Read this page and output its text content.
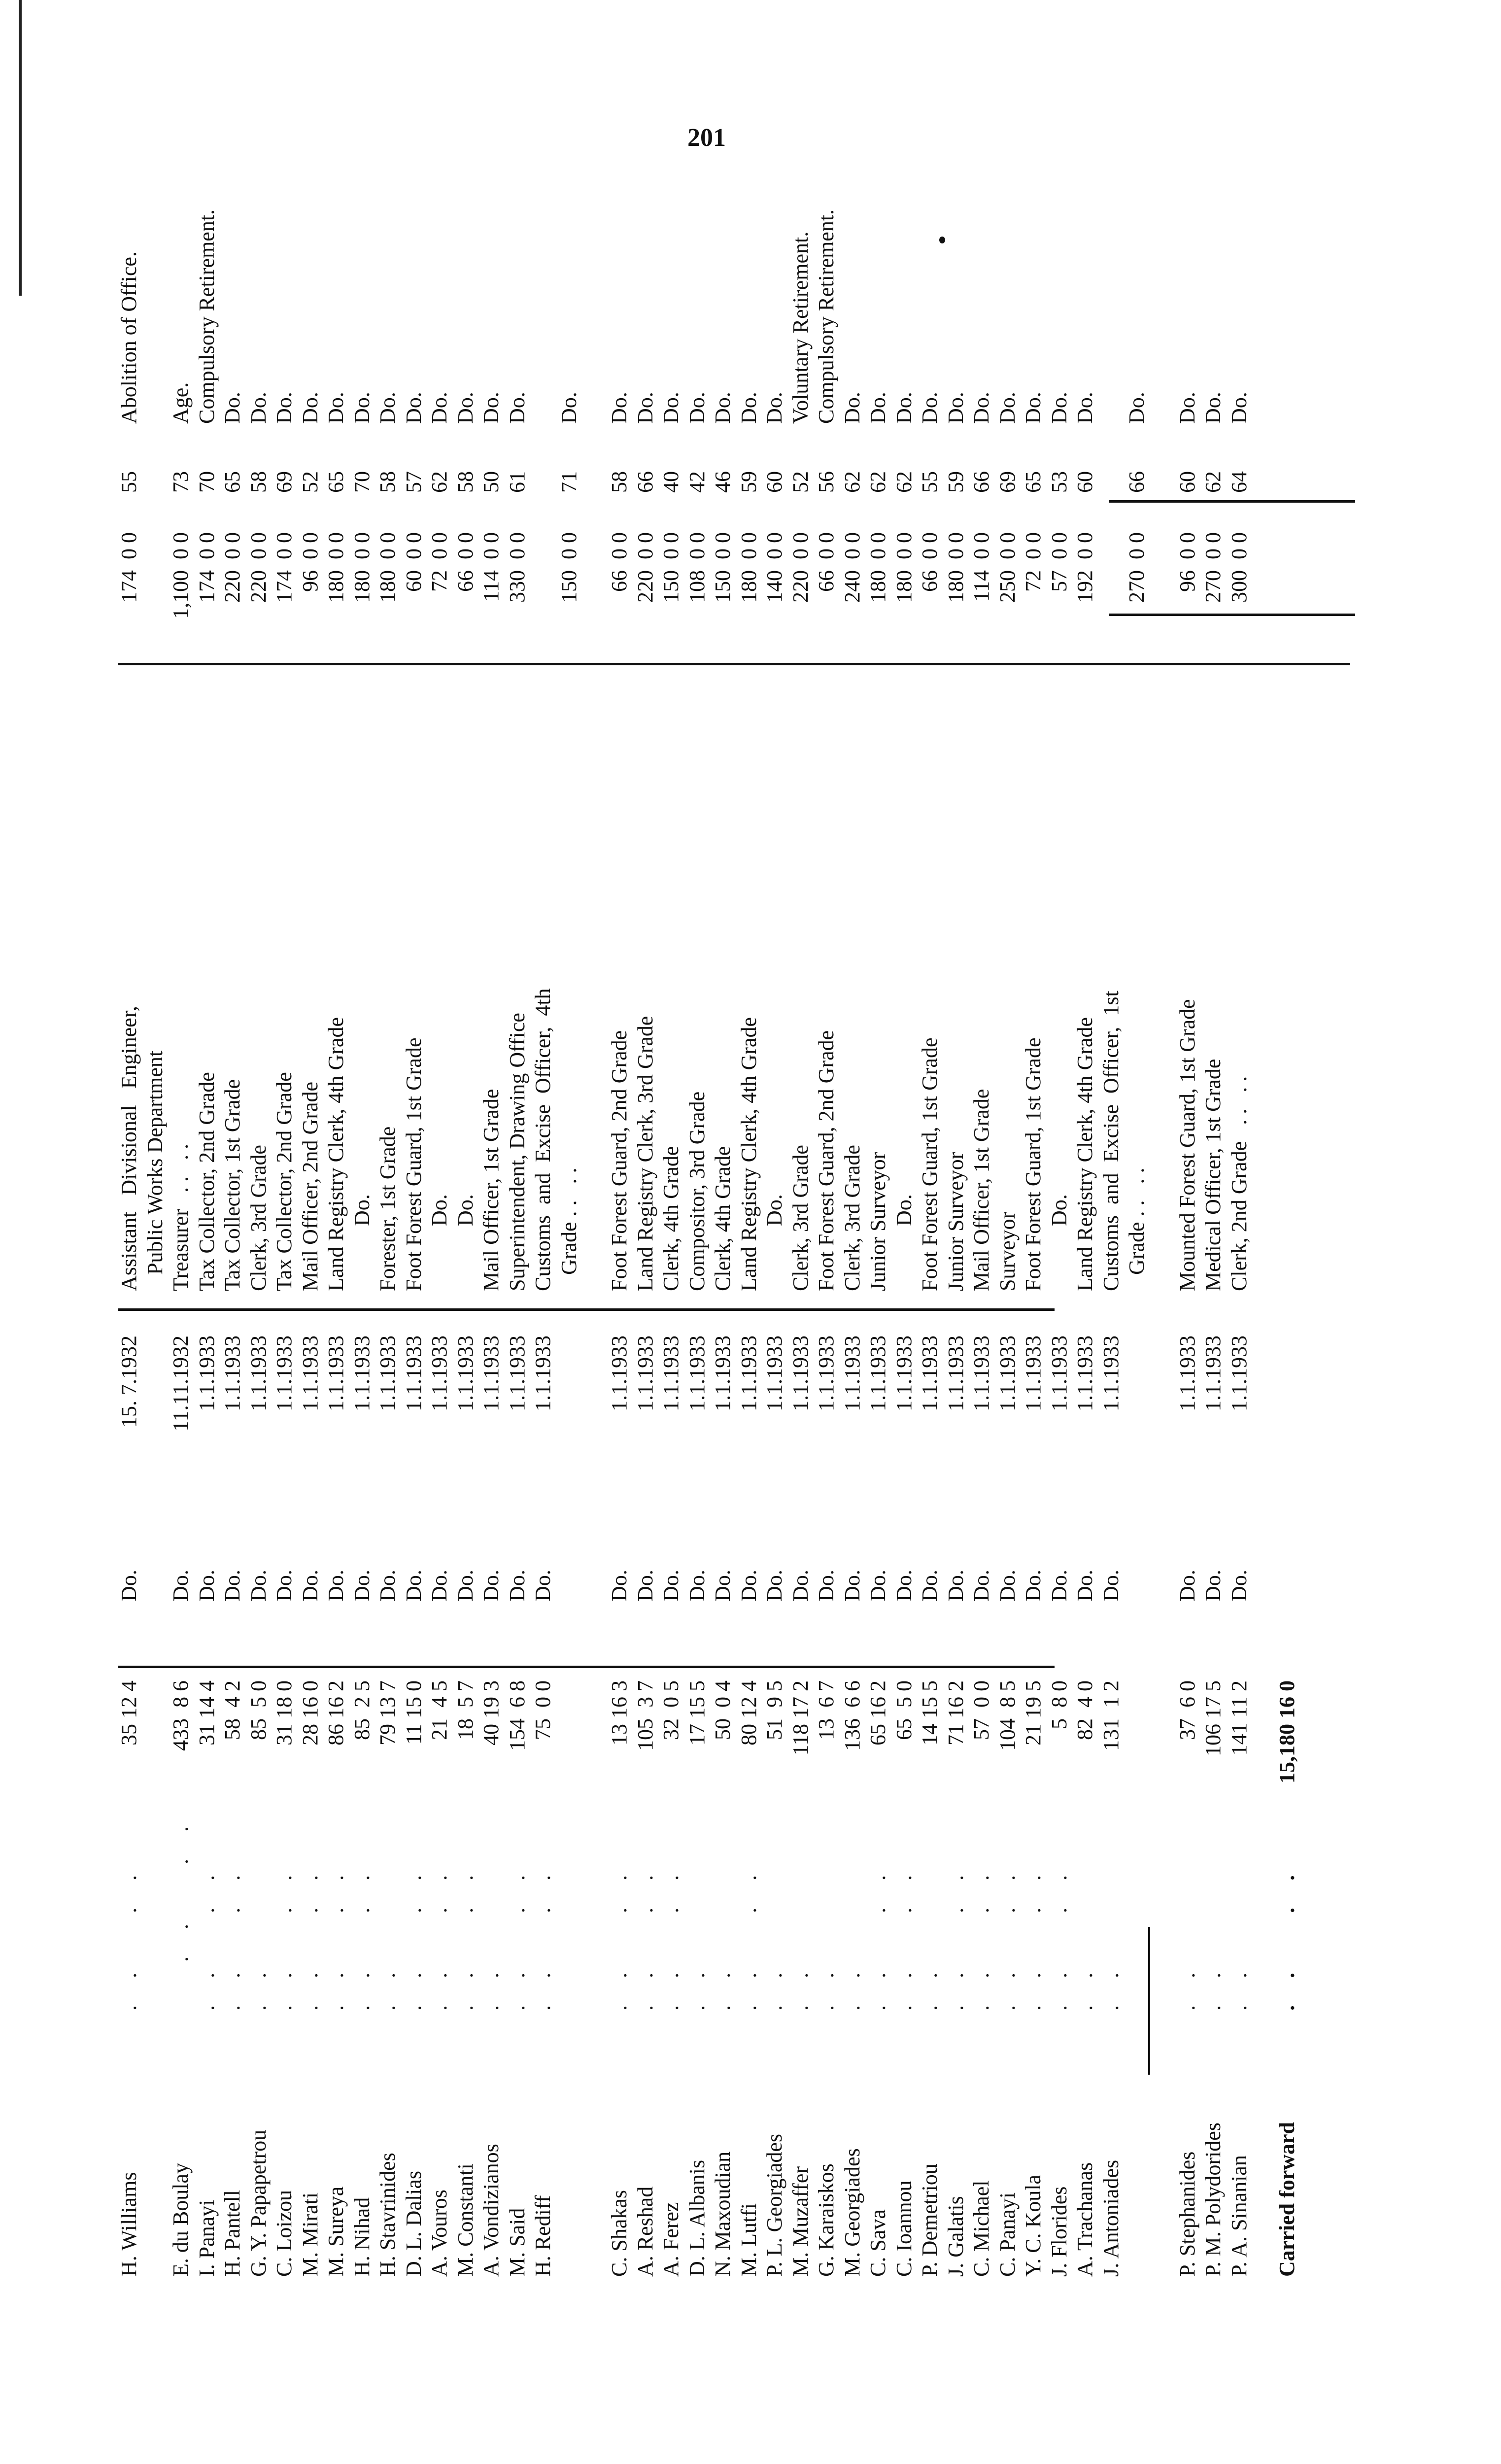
201
H. Williams
. .   . .
35 12 4
Do.
15. 7.1932
Assistant   Divisional   Engineer,
174  0 0
55
Abolition of Office.
Public Works Department
E. du Boulay
. .   . .
433  8 6
Do.
11.11.1932
Treasurer   . .   . .
1,100  0 0
73
Age.
I. Panayi
. .   . .
31 14 4
Do.
1.1.1933
Tax Collector, 2nd Grade
174  0 0
70
Compulsory Retirement.
H. Pantell
. .   . .
58  4 2
Do.
1.1.1933
Tax Collector, 1st Grade
220  0 0
65
Do.
G. Y. Papapetrou
. .
85  5 0
Do.
1.1.1933
Clerk, 3rd Grade
220  0 0
58
Do.
C. Loizou
. .   . .
31 18 0
Do.
1.1.1933
Tax Collector, 2nd Grade
174  0 0
69
Do.
M. Mirati
. .   . .
28 16 0
Do.
1.1.1933
Mail Officer, 2nd Grade
96  0 0
52
Do.
M. Sureya
. .   . .
86 16 2
Do.
1.1.1933
Land Registry Clerk, 4th Grade
180  0 0
65
Do.
H. Nihad
. .   . .
85  2 5
Do.
1.1.1933
Do.
180  0 0
70
Do.
H. Stavrinides
. .
79 13 7
Do.
1.1.1933
Forester, 1st Grade
180  0 0
58
Do.
D. L. Dalias
. .   . .
11 15 0
Do.
1.1.1933
Foot Forest Guard, 1st Grade
60  0 0
57
Do.
A. Vouros
. .   . .
21  4 5
Do.
1.1.1933
Do.
72  0 0
62
Do.
M. Constanti
. .   . .
18  5 7
Do.
1.1.1933
Do.
66  0 0
58
Do.
A. Vondizianos
. .
40 19 3
Do.
1.1.1933
Mail Officer, 1st Grade
114  0 0
50
Do.
M. Said
. .   . .
154  6 8
Do.
1.1.1933
Superintendent, Drawing Office
330  0 0
61
Do.
H. Rediff
. .   . .
75  0 0
Do.
1.1.1933
Customs  and  Excise  Officer,  4th Grade . .   . .
150  0 0
71
Do.
C. Shakas
. .   . .
13 16 3
Do.
1.1.1933
Foot Forest Guard, 2nd Grade
66  0 0
58
Do.
A. Reshad
. .   . .
105  3 7
Do.
1.1.1933
Land Registry Clerk, 3rd Grade
220  0 0
66
Do.
A. Ferez
. .   . .
32  0 5
Do.
1.1.1933
Clerk, 4th Grade
150  0 0
40
Do.
D. L. Albanis
. .
17 15 5
Do.
1.1.1933
Compositor, 3rd Grade
108  0 0
42
Do.
N. Maxoudian
. .
50  0 4
Do.
1.1.1933
Clerk, 4th Grade
150  0 0
46
Do.
M. Lutfi
. .   . .
80 12 4
Do.
1.1.1933
Land Registry Clerk, 4th Grade
180  0 0
59
Do.
P. L. Georgiades
. .
51  9 5
Do.
1.1.1933
Do.
140  0 0
60
Do.
M. Muzaffer
. .
118 17 2
Do.
1.1.1933
Clerk, 3rd Grade
220  0 0
52
Voluntary Retirement.
G. Karaiskos
. .
13  6 7
Do.
1.1.1933
Foot Forest Guard, 2nd Grade
66  0 0
56
Compulsory Retirement.
M. Georgiades
. .
136  6 6
Do.
1.1.1933
Clerk, 3rd Grade
240  0 0
62
Do.
C. Sava
. .   . .
65 16 2
Do.
1.1.1933
Junior Surveyor
180  0 0
62
Do.
C. Ioannou
. .   . .
65  5 0
Do.
1.1.1933
Do.
180  0 0
62
Do.
P. Demetriou
. .
14 15 5
Do.
1.1.1933
Foot Forest Guard, 1st Grade
66  0 0
55
Do.
J. Galatis
. .   . .
71 16 2
Do.
1.1.1933
Junior Surveyor
180  0 0
59
Do.
C. Michael
. .   . .
57  0 0
Do.
1.1.1933
Mail Officer, 1st Grade
114  0 0
66
Do.
C. Panayi
. .   . .
104  8 5
Do.
1.1.1933
Surveyor
250  0 0
69
Do.
Y. C. Koula
. .   . .
21 19 5
Do.
1.1.1933
Foot Forest Guard, 1st Grade
72  0 0
65
Do.
J. Florides
. .   . .
5  8 0
Do.
1.1.1933
Do.
57  0 0
53
Do.
A. Trachanas
. .
82  4 0
Do.
1.1.1933
Land Registry Clerk, 4th Grade
192  0 0
60
Do.
J. Antoniades
. .
131  1 2
Do.
1.1.1933
Customs  and  Excise  Officer,  1st Grade . .   . .
270  0 0
66
Do.
P. Stephanides
. .
37  6 0
Do.
1.1.1933
Mounted Forest Guard, 1st Grade
96  0 0
60
Do.
P. M. Polydorides
. .
106 17 5
Do.
1.1.1933
Medical Officer, 1st Grade
270  0 0
62
Do.
P. A. Sinanian
. .
141 11 2
Do.
1.1.1933
Clerk, 2nd Grade   . .   . .
300  0 0
64
Do.

Carried forward

. .   . .

15,180 16 0
